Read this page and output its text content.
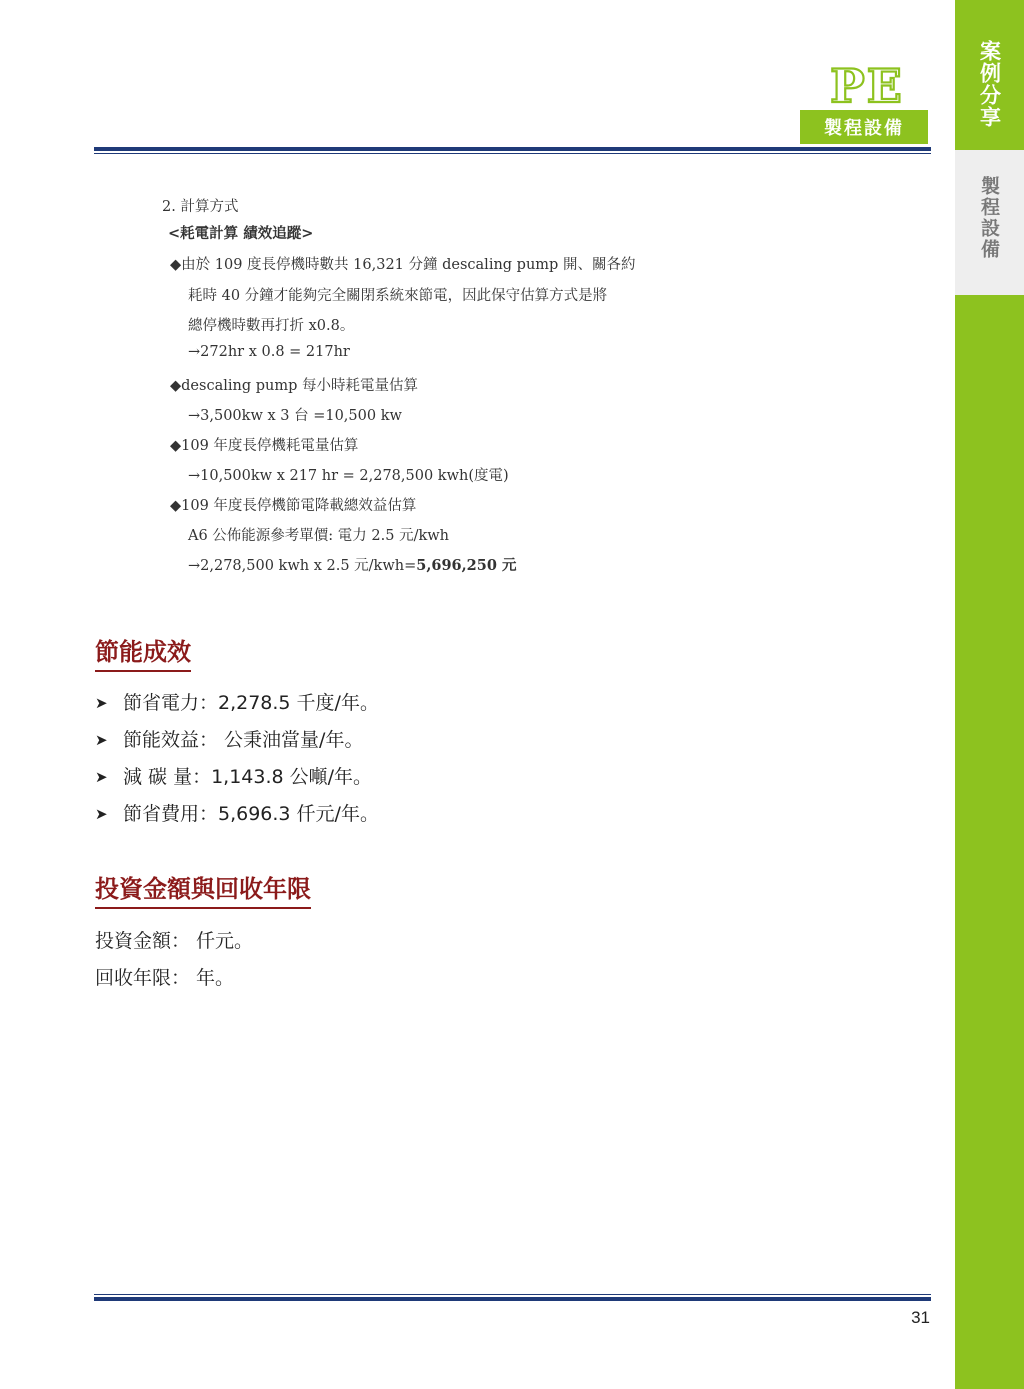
案例分享
製程設備
PE
製程設備
2. 計算方式
<耗電計算 績效追蹤>
◆由於 109 度長停機時數共 16,321 分鐘 descaling pump 開、關各約
耗時 40 分鐘才能夠完全關閉系統來節電，因此保守估算方式是將
總停機時數再打折 x0.8。
→272hr x 0.8 = 217hr
◆descaling pump 每小時耗電量估算
→3,500kw x 3 台 =10,500 kw
◆109 年度長停機耗電量估算
→10,500kw x 217 hr = 2,278,500 kwh(度電)
◆109 年度長停機節電降載總效益估算
A6 公佈能源參考單價: 電力 2.5 元/kwh
→2,278,500 kwh x 2.5 元/kwh=5,696,250 元
節能成效
➤ 節省電力：2,278.5 千度/年。
➤ 節能效益： 公秉油當量/年。
➤ 減 碳 量：1,143.8 公噸/年。
➤ 節省費用：5,696.3 仟元/年。
投資金額與回收年限
投資金額： 仟元。
回收年限： 年。
31
